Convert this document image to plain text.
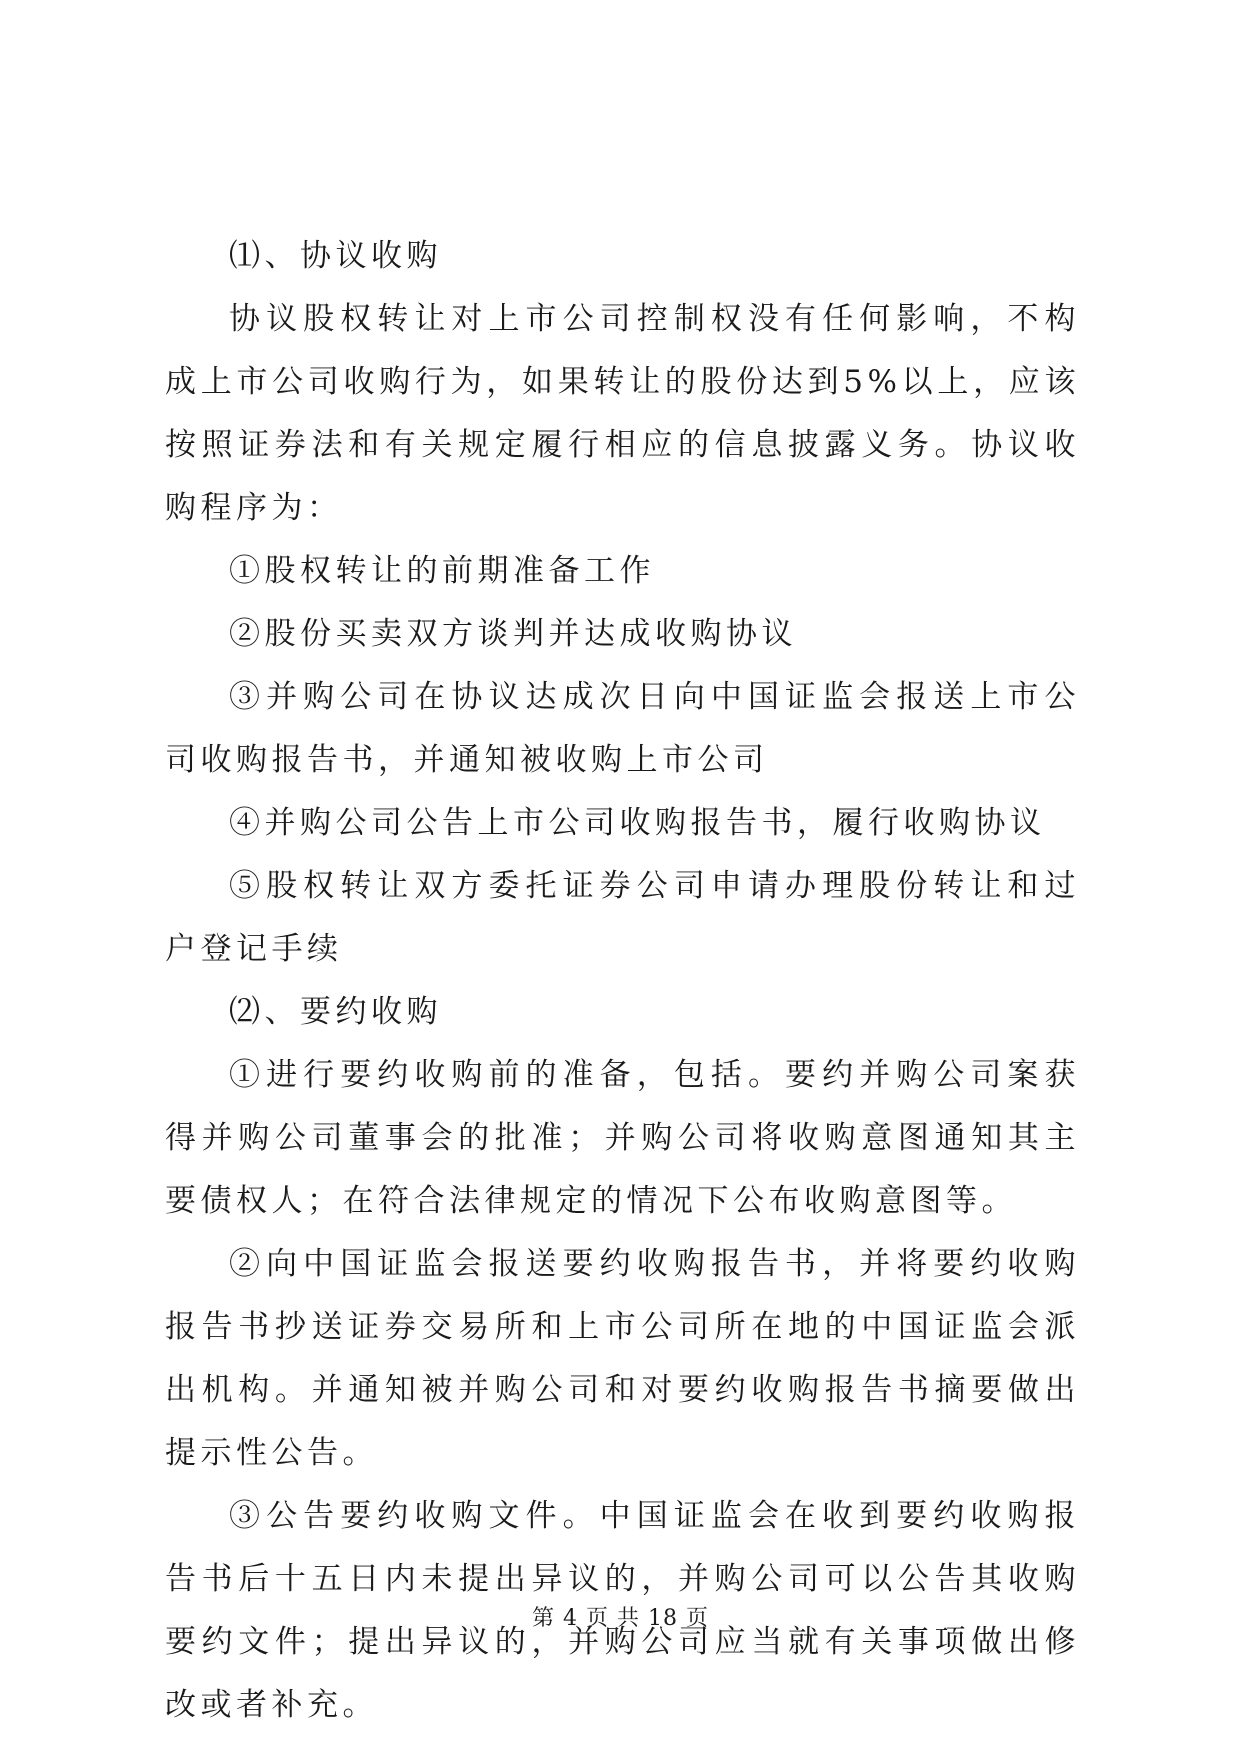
⑴、协议收购

协议股权转让对上市公司控制权没有任何影响，不构成上市公司收购行为，如果转让的股份达到5%以上，应该按照证券法和有关规定履行相应的信息披露义务。协议收购程序为：

①股权转让的前期准备工作

②股份买卖双方谈判并达成收购协议

③并购公司在协议达成次日向中国证监会报送上市公司收购报告书，并通知被收购上市公司

④并购公司公告上市公司收购报告书，履行收购协议

⑤股权转让双方委托证券公司申请办理股份转让和过户登记手续

⑵、要约收购

①进行要约收购前的准备，包括。要约并购公司案获得并购公司董事会的批准；并购公司将收购意图通知其主要债权人；在符合法律规定的情况下公布收购意图等。

②向中国证监会报送要约收购报告书，并将要约收购报告书抄送证券交易所和上市公司所在地的中国证监会派出机构。并通知被并购公司和对要约收购报告书摘要做出提示性公告。

③公告要约收购文件。中国证监会在收到要约收购报告书后十五日内未提出异议的，并购公司可以公告其收购要约文件；提出异议的，并购公司应当就有关事项做出修改或者补充。

第 4 页 共 18 页
